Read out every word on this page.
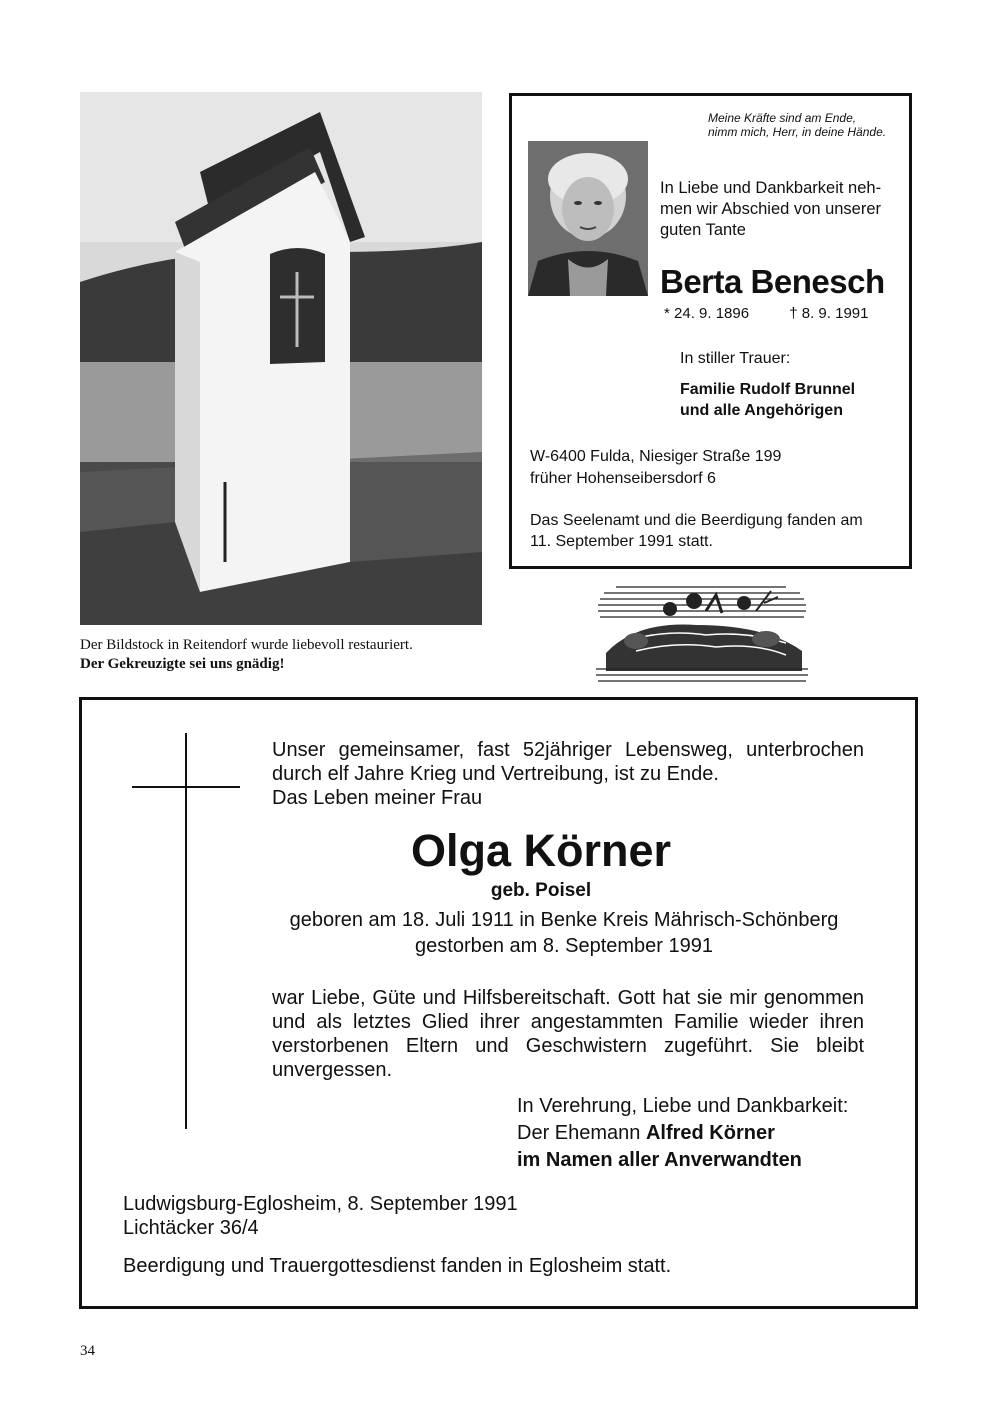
Der Bildstock in Reitendorf wurde liebevoll restauriert.
Der Gekreuzigte sei uns gnädig!
Meine Kräfte sind am Ende,
nimm mich, Herr, in deine Hände.
In Liebe und Dankbarkeit neh-
men wir Abschied von unserer
guten Tante
Berta Benesch
* 24. 9. 1896	† 8. 9. 1991
In stiller Trauer:
Familie Rudolf Brunnel
und alle Angehörigen
W-6400 Fulda, Niesiger Straße 199
früher Hohenseibersdorf 6
Das Seelenamt und die Beerdigung fanden am
11. September 1991 statt.
Unser gemeinsamer, fast 52jähriger Lebensweg, unterbrochen
durch elf Jahre Krieg und Vertreibung, ist zu Ende.
Das Leben meiner Frau
Olga Körner
geb. Poisel
geboren am 18. Juli 1911 in Benke Kreis Mährisch-Schönberg
gestorben am 8. September 1991
war Liebe, Güte und Hilfsbereitschaft. Gott hat sie mir genommen und als letztes Glied ihrer angestammten Familie wieder ihren verstorbenen Eltern und Geschwistern zugeführt. Sie bleibt unvergessen.
In Verehrung, Liebe und Dankbarkeit:
Der Ehemann Alfred Körner
im Namen aller Anverwandten
Ludwigsburg-Eglosheim, 8. September 1991
Lichtäcker 36/4
Beerdigung und Trauergottesdienst fanden in Eglosheim statt.
34
